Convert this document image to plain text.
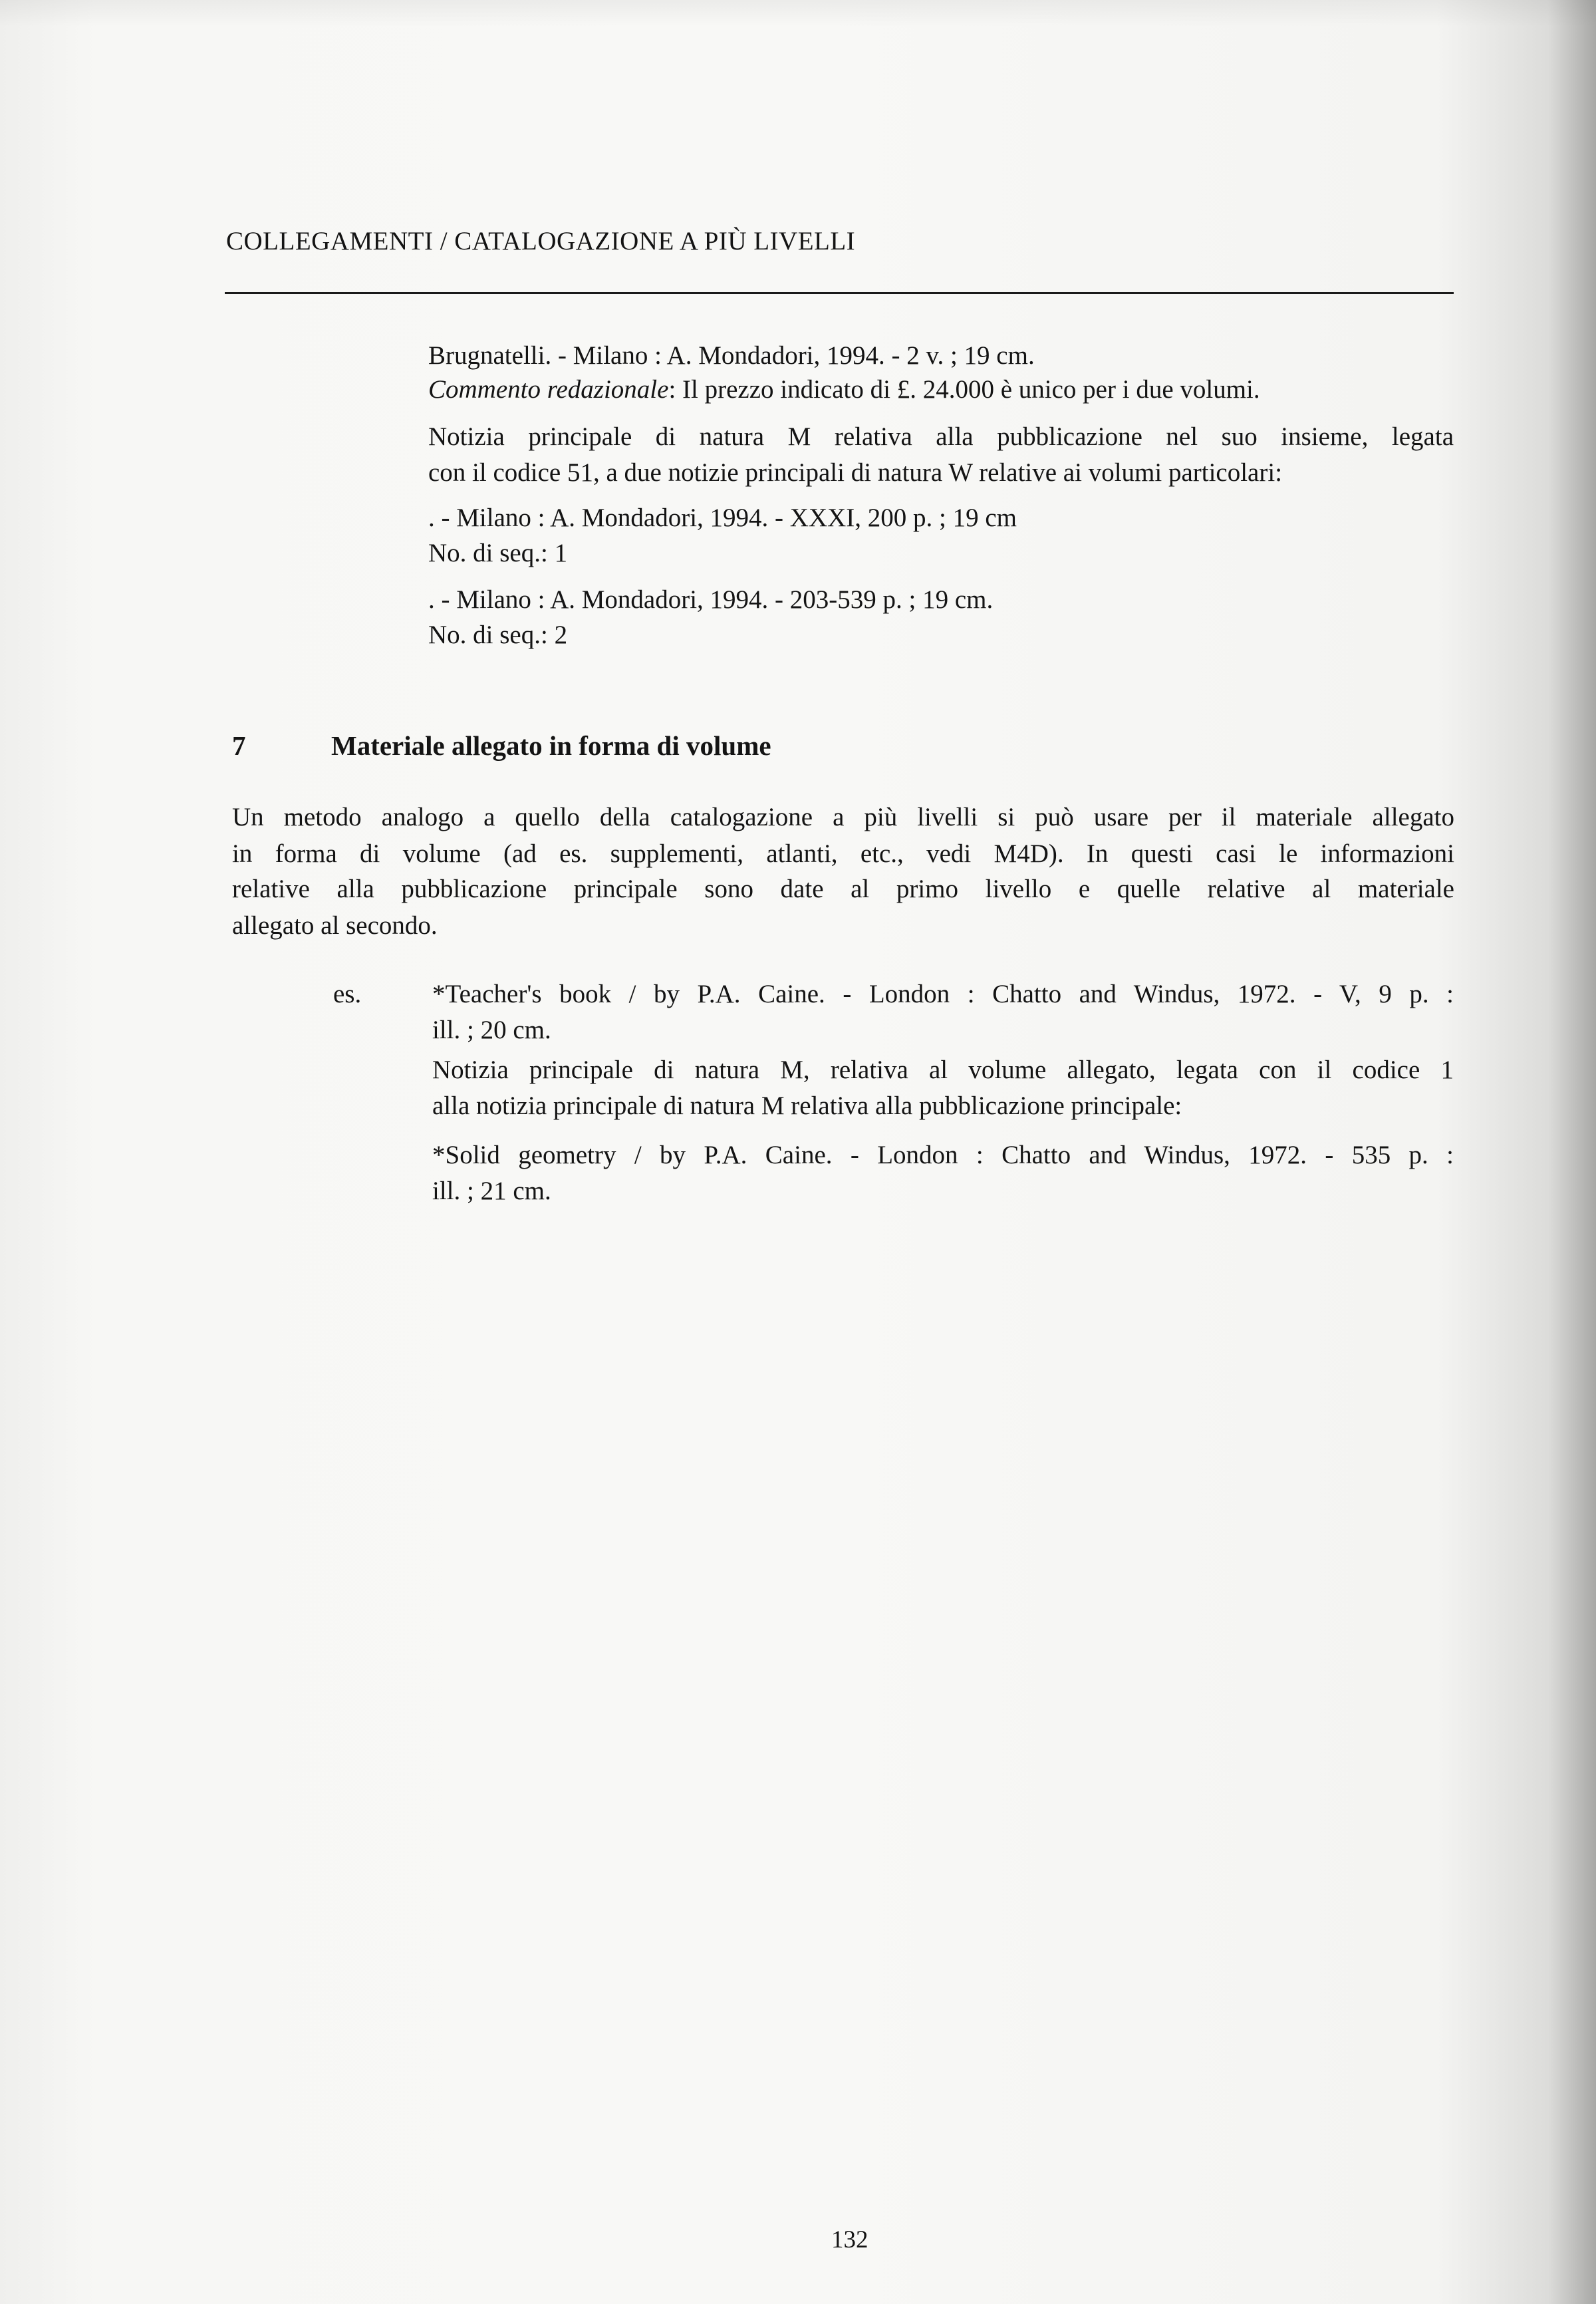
COLLEGAMENTI / CATALOGAZIONE A PIÙ LIVELLI
Brugnatelli. - Milano : A. Mondadori, 1994. - 2 v. ; 19 cm.
Commento redazionale: Il prezzo indicato di £. 24.000 è unico per i due volumi.
Notizia principale di natura M relativa alla pubblicazione nel suo insieme, legata
con il codice 51, a due notizie principali di natura W relative ai volumi particolari:
. - Milano : A. Mondadori, 1994. - XXXI, 200 p. ; 19 cm
No. di seq.: 1
. - Milano : A. Mondadori, 1994. - 203-539 p. ; 19 cm.
No. di seq.: 2
7	Materiale allegato in forma di volume
Un metodo analogo a quello della catalogazione a più livelli si può usare per il materiale allegato
in forma di volume (ad es. supplementi, atlanti, etc., vedi M4D). In questi casi le informazioni
relative alla pubblicazione principale sono date al primo livello e quelle relative al materiale
allegato al secondo.
es.	*Teacher's book / by P.A. Caine. - London : Chatto and Windus, 1972. - V, 9 p. :
ill. ; 20 cm.
Notizia principale di natura M, relativa al volume allegato, legata con il codice 1
alla notizia principale di natura M relativa alla pubblicazione principale:
*Solid geometry / by P.A. Caine. - London : Chatto and Windus, 1972. - 535 p. :
ill. ; 21 cm.
132
